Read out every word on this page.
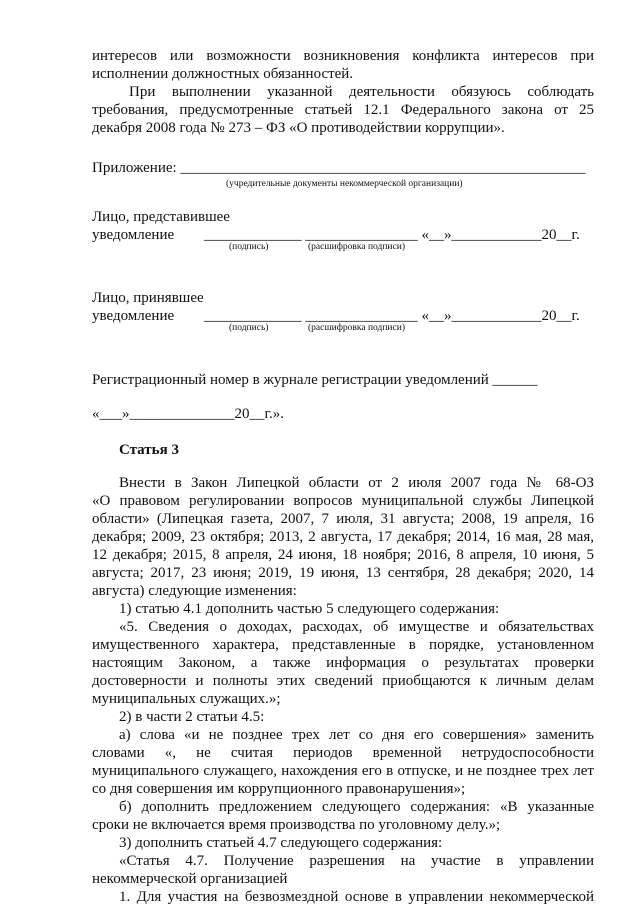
интересов или возможности возникновения конфликта интересов при
исполнении должностных обязанностей.
При выполнении указанной деятельности обязуюсь соблюдать
требования, предусмотренные статьей 12.1 Федерального закона от 25
декабря 2008 года № 273 – ФЗ «О противодействии коррупции».
Приложение: ______________________________________________________
(учредительные документы некоммерческой организации)
Лицо, представившее
уведомление _____________ _______________ «__»____________20__г.
(подпись)	(расшифровка подписи)
Лицо, принявшее
уведомление _____________ _______________ «__»____________20__г.
(подпись)	(расшифровка подписи)
Регистрационный номер в журнале регистрации уведомлений ______
«___»______________20__г.».
Статья 3
Внести в Закон Липецкой области от 2 июля 2007 года № 68-ОЗ
«О правовом регулировании вопросов муниципальной службы Липецкой
области» (Липецкая газета, 2007, 7 июля, 31 августа; 2008, 19 апреля, 16
декабря; 2009, 23 октября; 2013, 2 августа, 17 декабря; 2014, 16 мая, 28 мая,
12 декабря; 2015, 8 апреля, 24 июня, 18 ноября; 2016, 8 апреля, 10 июня, 5
августа; 2017, 23 июня; 2019, 19 июня, 13 сентября, 28 декабря; 2020, 14
августа) следующие изменения:
1) статью 4.1 дополнить частью 5 следующего содержания:
«5. Сведения о доходах, расходах, об имуществе и обязательствах
имущественного характера, представленные в порядке, установленном
настоящим Законом, а также информация о результатах проверки
достоверности и полноты этих сведений приобщаются к личным делам
муниципальных служащих.»;
2) в части 2 статьи 4.5:
а) слова «и не позднее трех лет со дня его совершения» заменить
словами «, не считая периодов временной нетрудоспособности
муниципального служащего, нахождения его в отпуске, и не позднее трех лет
со дня совершения им коррупционного правонарушения»;
б) дополнить предложением следующего содержания: «В указанные
сроки не включается время производства по уголовному делу.»;
3) дополнить статьей 4.7 следующего содержания:
«Статья 4.7. Получение разрешения на участие в управлении
некоммерческой организацией
1. Для участия на безвозмездной основе в управлении некоммерческой
